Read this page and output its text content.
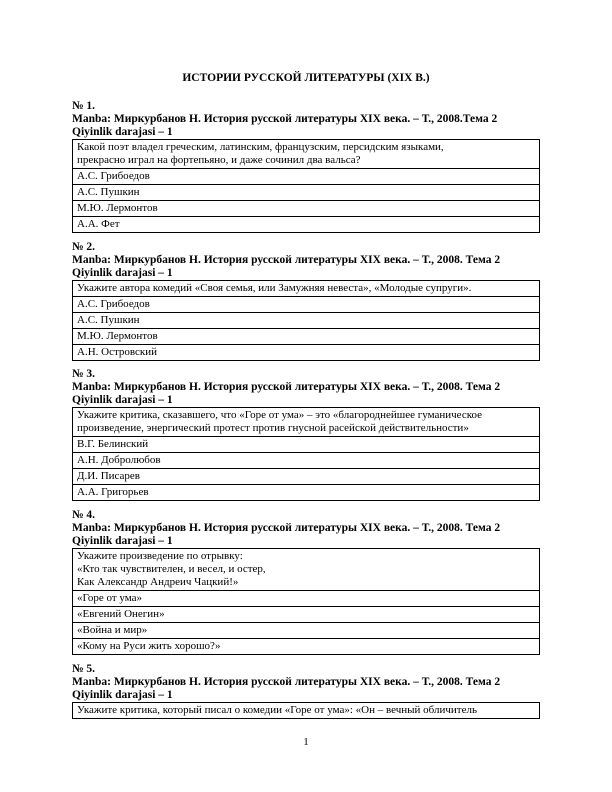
ИСТОРИИ РУССКОЙ ЛИТЕРАТУРЫ (XIX В.)
№ 1.
Manba: Миркурбанов Н. История русской литературы XIX века. – Т., 2008.Тема 2
Qiyinlik darajasi – 1
Какой поэт владел греческим, латинским, французским, персидским языками,
прекрасно играл на фортепьяно, и даже сочинил два вальса?
А.С. Грибоедов
А.С. Пушкин
М.Ю. Лермонтов
А.А. Фет
№ 2.
Manba: Миркурбанов Н. История русской литературы XIX века. – Т., 2008. Тема 2
Qiyinlik darajasi – 1
Укажите автора комедий «Своя семья, или Замужняя невеста», «Молодые супруги».
А.С. Грибоедов
А.С. Пушкин
М.Ю. Лермонтов
А.Н. Островский
№ 3.
Manba: Миркурбанов Н. История русской литературы XIX века. – Т., 2008. Тема 2
Qiyinlik darajasi – 1
Укажите критика, сказавшего, что «Горе от ума» – это «благороднейшее гуманическое
произведение, энергический протест против гнусной расейской действительности»
В.Г. Белинский
А.Н. Добролюбов
Д.И. Писарев
А.А. Григорьев
№ 4.
Manba: Миркурбанов Н. История русской литературы XIX века. – Т., 2008. Тема 2
Qiyinlik darajasi – 1
Укажите произведение по отрывку:
«Кто так чувствителен, и весел, и остер,
Как Александр Андреич Чацкий!»
«Горе от ума»
«Евгений Онегин»
«Война и мир»
«Кому на Руси жить хорошо?»
№ 5.
Manba: Миркурбанов Н. История русской литературы XIX века. – Т., 2008. Тема 2
Qiyinlik darajasi – 1
Укажите критика, который писал о комедии «Горе от ума»: «Он – вечный обличитель
1
